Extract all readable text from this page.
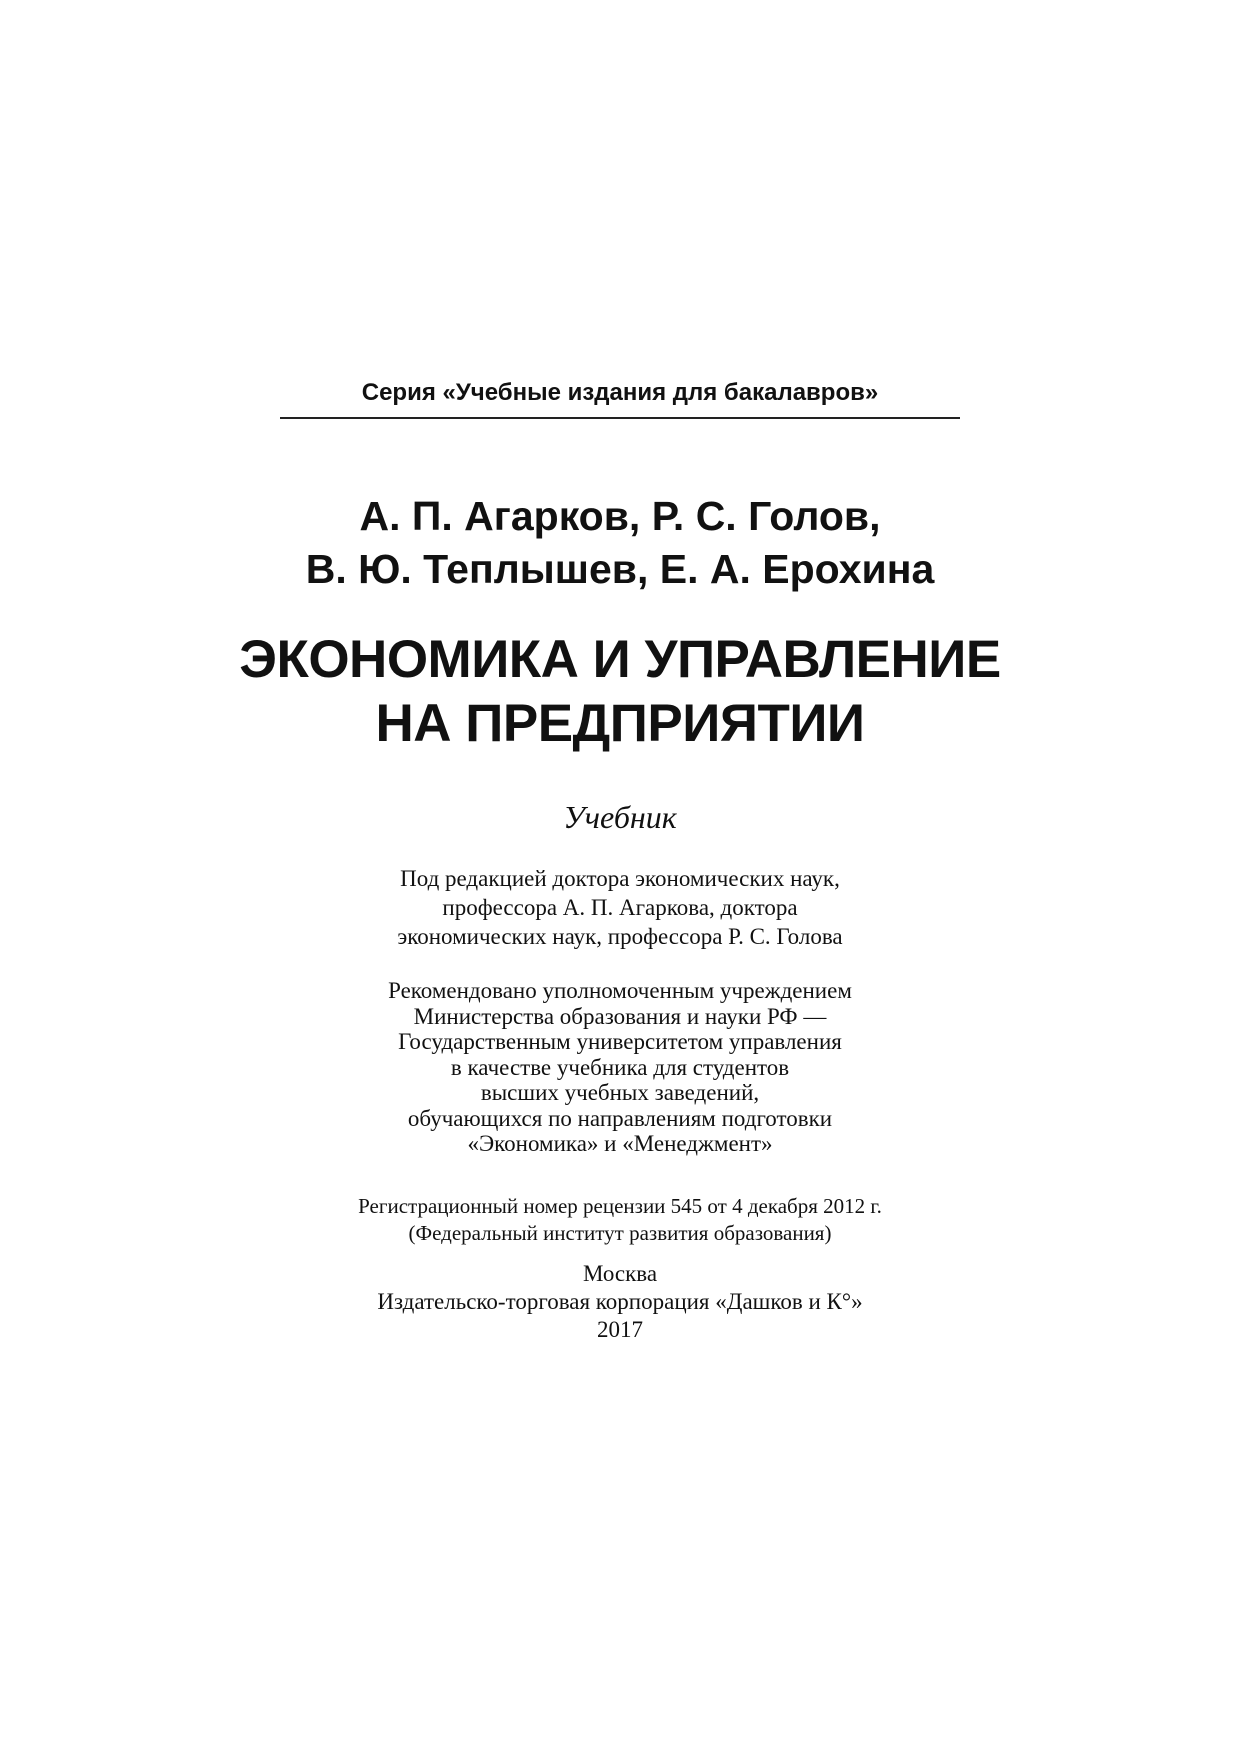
Серия «Учебные издания для бакалавров»
А. П. Агарков, Р. С. Голов,
В. Ю. Теплышев, Е. А. Ерохина
ЭКОНОМИКА И УПРАВЛЕНИЕ
НА ПРЕДПРИЯТИИ
Учебник
Под редакцией доктора экономических наук,
профессора А. П. Агаркова, доктора
экономических наук, профессора Р. С. Голова
Рекомендовано уполномоченным учреждением
Министерства образования и науки РФ —
Государственным университетом управления
в качестве учебника для студентов
высших учебных заведений,
обучающихся по направлениям подготовки
«Экономика» и «Менеджмент»
Регистрационный номер рецензии 545 от 4 декабря 2012 г.
(Федеральный институт развития образования)
Москва
Издательско-торговая корпорация «Дашков и К°»
2017
